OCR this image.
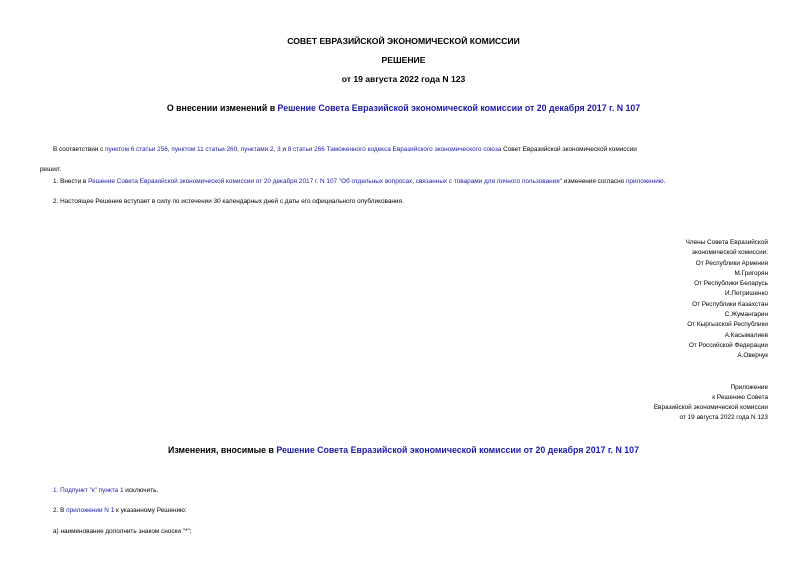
СОВЕТ ЕВРАЗИЙСКОЙ ЭКОНОМИЧЕСКОЙ КОМИССИИ
РЕШЕНИЕ
от 19 августа 2022 года N 123
О внесении изменений в Решение Совета Евразийской экономической комиссии от 20 декабря 2017 г. N 107
В соответствии с пунктом 6 статьи 256, пунктом 11 статьи 260, пунктами 2, 3 и 8 статьи 266 Таможенного кодекса Евразийского экономического союза Совет Евразийской экономической комиссии
решил:
1. Внести в Решение Совета Евразийской экономической комиссии от 20 декабря 2017 г. N 107 "Об отдельных вопросах, связанных с товарами для личного пользования" изменения согласно приложению.
2. Настоящее Решение вступает в силу по истечении 30 календарных дней с даты его официального опубликования.
Члены Совета Евразийской
экономической комиссии:
От Республики Армения
М.Григорян
От Республики Беларусь
И.Петришенко
От Республики Казахстан
С.Жумангарин
От Кыргызской Республики
А.Касымалиев
От Российской Федерации
А.Оверчук
Приложение
к Решению Совета
Евразийской экономической комиссии
от 19 августа 2022 года N 123
Изменения, вносимые в Решение Совета Евразийской экономической комиссии от 20 декабря 2017 г. N 107
1. Подпункт "к" пункта 1 исключить.
2. В приложении N 1 к указанному Решению:
а) наименование дополнить знаком сноски "*";
